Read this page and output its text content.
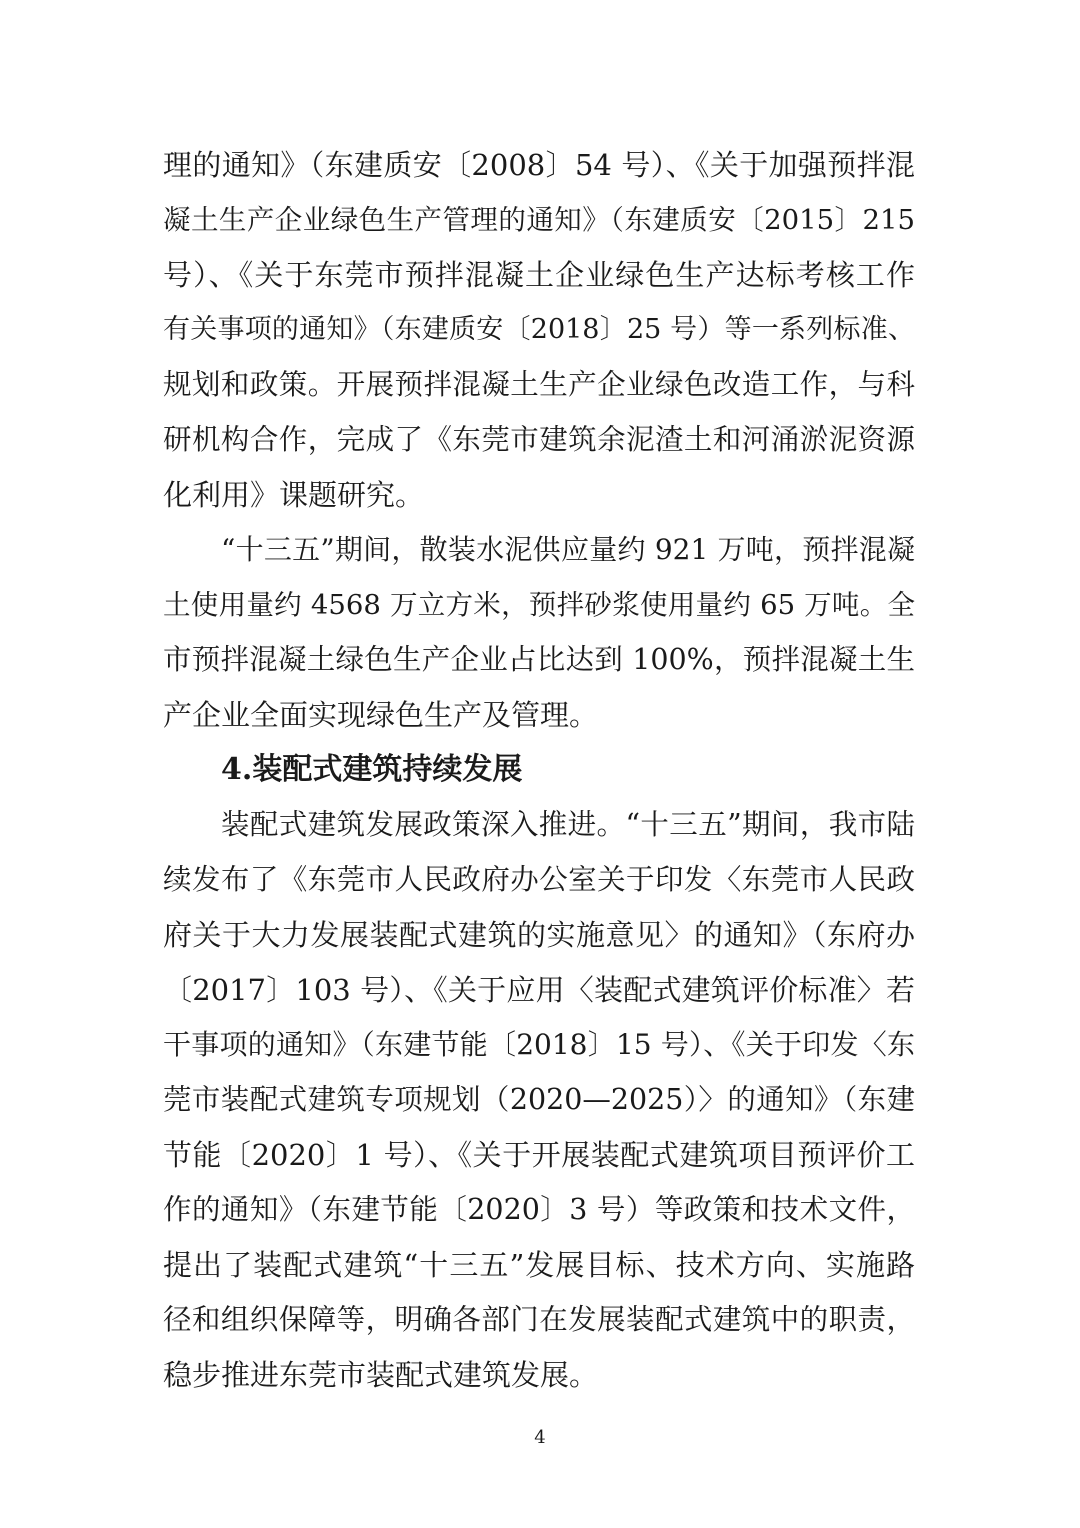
理的通知》（东建质安〔2008〕54 号）、《关于加强预拌混
凝土生产企业绿色生产管理的通知》（东建质安〔2015〕215
号）、《关于东莞市预拌混凝土企业绿色生产达标考核工作
有关事项的通知》（东建质安〔2018〕25 号）等一系列标准、
规划和政策。开展预拌混凝土生产企业绿色改造工作，与科
研机构合作，完成了《东莞市建筑余泥渣土和河涌淤泥资源
化利用》课题研究。
“十三五”期间，散装水泥供应量约 921 万吨，预拌混凝
土使用量约 4568 万立方米，预拌砂浆使用量约 65 万吨。全
市预拌混凝土绿色生产企业占比达到 100%，预拌混凝土生
产企业全面实现绿色生产及管理。
4.装配式建筑持续发展
装配式建筑发展政策深入推进。“十三五”期间，我市陆
续发布了《东莞市人民政府办公室关于印发〈东莞市人民政
府关于大力发展装配式建筑的实施意见〉的通知》（东府办
〔2017〕103 号）、《关于应用〈装配式建筑评价标准〉若
干事项的通知》（东建节能〔2018〕15 号）、《关于印发〈东
莞市装配式建筑专项规划（2020—2025）〉的通知》（东建
节能〔2020〕1 号）、《关于开展装配式建筑项目预评价工
作的通知》（东建节能〔2020〕3 号）等政策和技术文件，
提出了装配式建筑“十三五”发展目标、技术方向、实施路
径和组织保障等，明确各部门在发展装配式建筑中的职责，
稳步推进东莞市装配式建筑发展。
4
